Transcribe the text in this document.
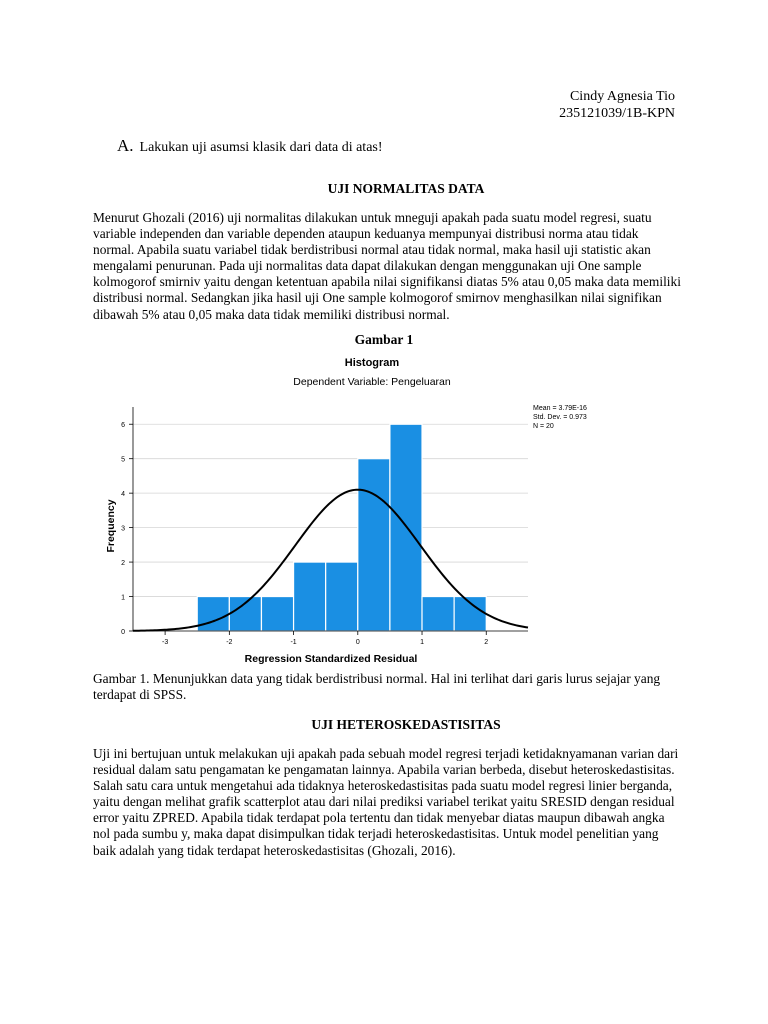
Cindy Agnesia Tio
235121039/1B-KPN
A. Lakukan uji asumsi klasik dari data di atas!
UJI NORMALITAS DATA

Menurut Ghozali (2016) uji normalitas dilakukan untuk mneguji apakah pada suatu model regresi, suatu variable independen dan variable dependen ataupun keduanya mempunyai distribusi norma atau tidak normal. Apabila suatu variabel tidak berdistribusi normal atau tidak normal, maka hasil uji statistic akan mengalami penurunan. Pada uji normalitas data dapat dilakukan dengan menggunakan uji One sample kolmogorof smirniv yaitu dengan ketentuan apabila nilai signifikansi diatas 5% atau 0,05 maka data memiliki distribusi normal. Sedangkan jika hasil uji One sample kolmogorof smirnov menghasilkan nilai signifikan dibawah 5% atau 0,05 maka data tidak memiliki distribusi normal.

Gambar 1
Histogram
Dependent Variable: Pengeluaran
Frequency
Regression Standardized Residual
Mean = 3.79E-16
Std. Dev. = 0.973
N = 20
0
1
2
3
4
5
6
-3	-2	-1	0	1	2

Gambar 1. Menunjukkan data yang tidak berdistribusi normal. Hal ini terlihat dari garis lurus sejajar yang terdapat di SPSS.

UJI HETEROSKEDASTISITAS

Uji ini bertujuan untuk melakukan uji apakah pada sebuah model regresi terjadi ketidaknyamanan varian dari residual dalam satu pengamatan ke pengamatan lainnya. Apabila varian berbeda, disebut heteroskedastisitas. Salah satu cara untuk mengetahui ada tidaknya heteroskedastisitas pada suatu model regresi linier berganda, yaitu dengan melihat grafik scatterplot atau dari nilai prediksi variabel terikat yaitu SRESID dengan residual error yaitu ZPRED. Apabila tidak terdapat pola tertentu dan tidak menyebar diatas maupun dibawah angka nol pada sumbu y, maka dapat disimpulkan tidak terjadi heteroskedastisitas. Untuk model penelitian yang baik adalah yang tidak terdapat heteroskedastisitas (Ghozali, 2016).
